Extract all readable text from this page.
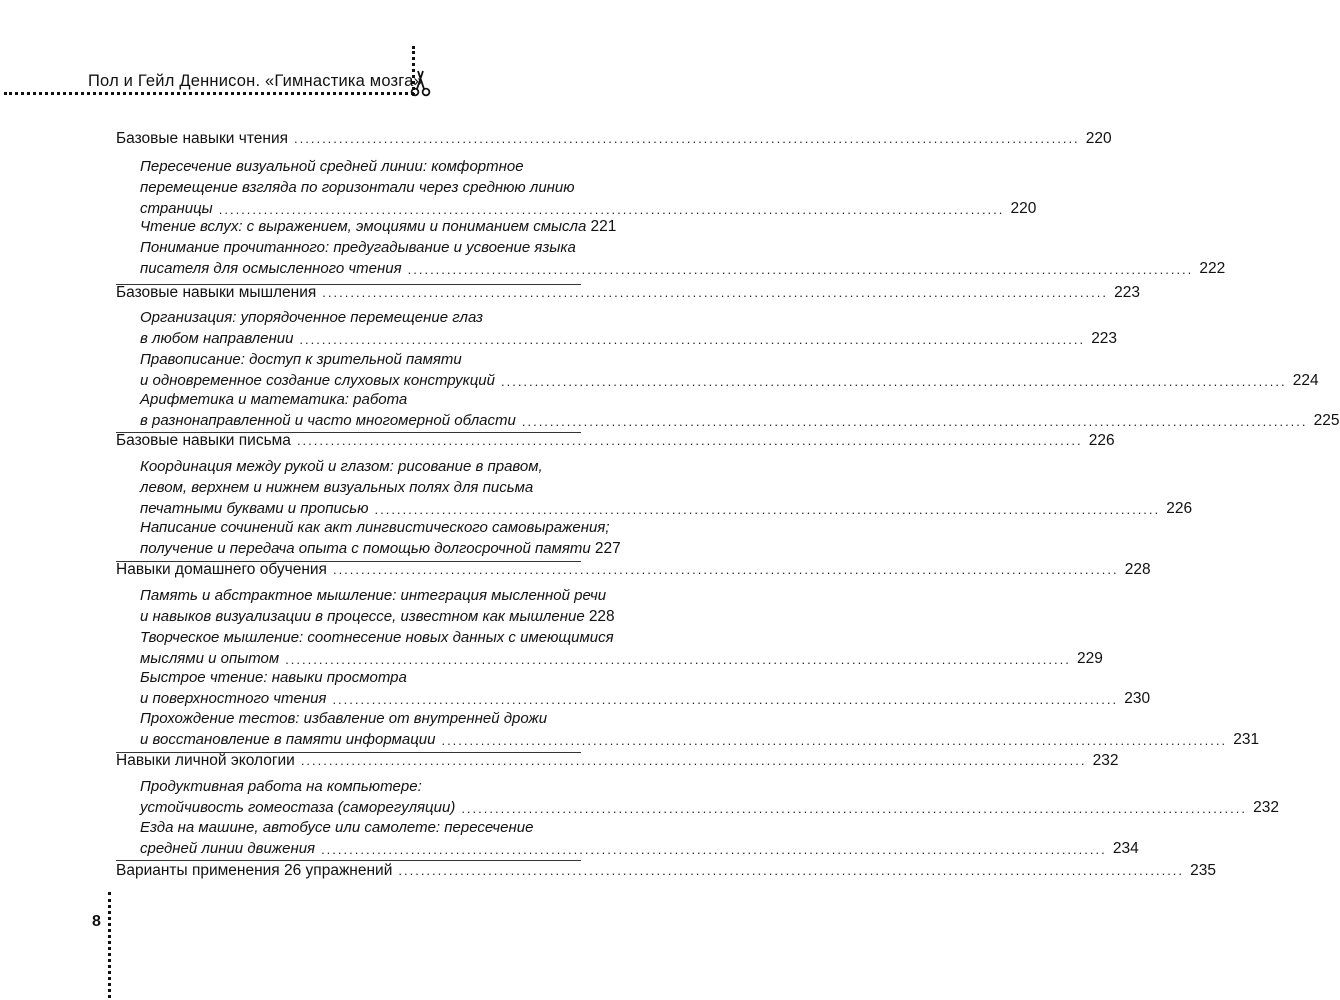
Пол и Гейл Деннисон. «Гимнастика мозга»
Базовые навыки чтения ............................................................................................................................................ 220
Пересечение визуальной средней линии: комфортное
перемещение взгляда по горизонтали через среднюю линию
страницы ............................................................................................................................................ 220
Чтение вслух: с выражением, эмоциями и пониманием смысла 221
Понимание прочитанного: предугадывание и усвоение языка
писателя для осмысленного чтения ............................................................................................................................................ 222
Базовые навыки мышления ............................................................................................................................................ 223
Организация: упорядоченное перемещение глаз
в любом направлении ............................................................................................................................................ 223
Правописание: доступ к зрительной памяти
и одновременное создание слуховых конструкций ............................................................................................................................................ 224
Арифметика и математика: работа
в разнонаправленной и часто многомерной области ............................................................................................................................................ 225
Базовые навыки письма ............................................................................................................................................ 226
Координация между рукой и глазом: рисование в правом,
левом, верхнем и нижнем визуальных полях для письма
печатными буквами и прописью ............................................................................................................................................ 226
Написание сочинений как акт лингвистического самовыражения;
получение и передача опыта с помощью долгосрочной памяти 227
Навыки домашнего обучения ............................................................................................................................................ 228
Память и абстрактное мышление: интеграция мысленной речи
и навыков визуализации в процессе, известном как мышление 228
Творческое мышление: соотнесение новых данных с имеющимися
мыслями и опытом ............................................................................................................................................ 229
Быстрое чтение: навыки просмотра
и поверхностного чтения ............................................................................................................................................ 230
Прохождение тестов: избавление от внутренней дрожи
и восстановление в памяти информации ............................................................................................................................................ 231
Навыки личной экологии ............................................................................................................................................ 232
Продуктивная работа на компьютере:
устойчивость гомеостаза (саморегуляции) ............................................................................................................................................ 232
Езда на машине, автобусе или самолете: пересечение
средней линии движения ............................................................................................................................................ 234
Варианты применения 26 упражнений ............................................................................................................................................ 235
8
